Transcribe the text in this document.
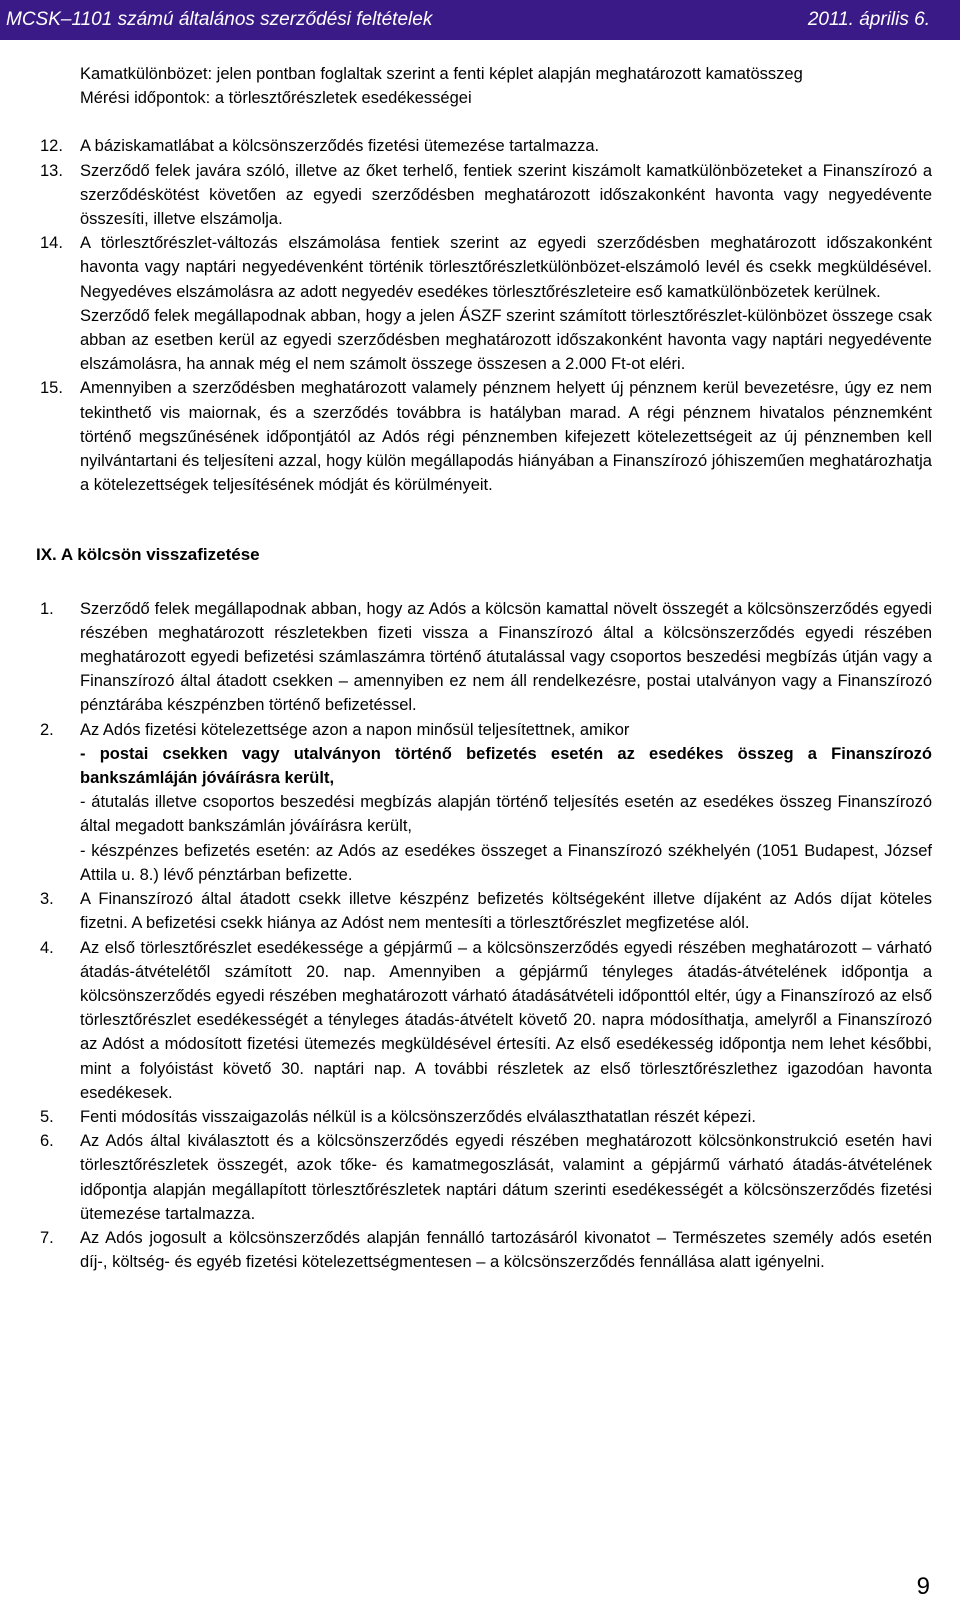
MCSK–1101 számú általános szerződési feltételek	2011. április 6.

Kamatkülönbözet: jelen pontban foglaltak szerint a fenti képlet alapján meghatározott kamatösszeg

Mérési időpontok: a törlesztőrészletek esedékességei

12. A báziskamatlábat a kölcsönszerződés fizetési ütemezése tartalmazza.

13. Szerződő felek javára szóló, illetve az őket terhelő, fentiek szerint kiszámolt kamatkülönbözeteket a Finanszírozó a szerződéskötést követően az egyedi szerződésben meghatározott időszakonként havonta vagy negyedévente összesíti, illetve elszámolja.

14. A törlesztőrészlet-változás elszámolása fentiek szerint az egyedi szerződésben meghatározott időszakonként havonta vagy naptári negyedévenként történik törlesztőrészletkülönbözet-elszámoló levél és csekk megküldésével. Negyedéves elszámolásra az adott negyedév esedékes törlesztőrészleteire eső kamatkülönbözetek kerülnek.

Szerződő felek megállapodnak abban, hogy a jelen ÁSZF szerint számított törlesztőrészlet-különbözet összege csak abban az esetben kerül az egyedi szerződésben meghatározott időszakonként havonta vagy naptári negyedévente elszámolásra, ha annak még el nem számolt összege összesen a 2.000 Ft-ot eléri.

15. Amennyiben a szerződésben meghatározott valamely pénznem helyett új pénznem kerül bevezetésre, úgy ez nem tekinthető vis maiornak, és a szerződés továbbra is hatályban marad. A régi pénznem hivatalos pénznemként történő megszűnésének időpontjától az Adós régi pénznemben kifejezett kötelezettségeit az új pénznemben kell nyilvántartani és teljesíteni azzal, hogy külön megállapodás hiányában a Finanszírozó jóhiszeműen meghatározhatja a kötelezettségek teljesítésének módját és körülményeit.

IX. A kölcsön visszafizetése
1. Szerződő felek megállapodnak abban, hogy az Adós a kölcsön kamattal növelt összegét a kölcsönszerződés egyedi részében meghatározott részletekben fizeti vissza a Finanszírozó által a kölcsönszerződés egyedi részében meghatározott egyedi befizetési számlaszámra történő átutalással vagy csoportos beszedési megbízás útján vagy a Finanszírozó által átadott csekken – amennyiben ez nem áll rendelkezésre, postai utalványon vagy a Finanszírozó pénztárába készpénzben történő befizetéssel.

2. Az Adós fizetési kötelezettsége azon a napon minősül teljesítettnek, amikor

- postai csekken vagy utalványon történő befizetés esetén az esedékes összeg a Finanszírozó bankszámláján jóváírásra került,

- átutalás illetve csoportos beszedési megbízás alapján történő teljesítés esetén az esedékes összeg Finanszírozó által megadott bankszámlán jóváírásra került,

- készpénzes befizetés esetén: az Adós az esedékes összeget a Finanszírozó székhelyén (1051 Budapest, József Attila u. 8.) lévő pénztárban befizette.

3. A Finanszírozó által átadott csekk illetve készpénz befizetés költségeként illetve díjaként az Adós díjat köteles fizetni. A befizetési csekk hiánya az Adóst nem mentesíti a törlesztőrészlet megfizetése alól.

4. Az első törlesztőrészlet esedékessége a gépjármű – a kölcsönszerződés egyedi részében meghatározott – várható átadás-átvételétől számított 20. nap. Amennyiben a gépjármű tényleges átadás-átvételének időpontja a kölcsönszerződés egyedi részében meghatározott várható átadásátvételi időponttól eltér, úgy a Finanszírozó az első törlesztőrészlet esedékességét a tényleges átadás-átvételt követő 20. napra módosíthatja, amelyről a Finanszírozó az Adóst a módosított fizetési ütemezés megküldésével értesíti. Az első esedékesség időpontja nem lehet későbbi, mint a folyóistást követő 30. naptári nap. A további részletek az első törlesztőrészlethez igazodóan havonta esedékesek.

5. Fenti módosítás visszaigazolás nélkül is a kölcsönszerződés elválaszthatatlan részét képezi.

6. Az Adós által kiválasztott és a kölcsönszerződés egyedi részében meghatározott kölcsönkonstrukció esetén havi törlesztőrészletek összegét, azok tőke- és kamatmegoszlását, valamint a gépjármű várható átadás-átvételének időpontja alapján megállapított törlesztőrészletek naptári dátum szerinti esedékességét a kölcsönszerződés fizetési ütemezése tartalmazza.

7. Az Adós jogosult a kölcsönszerződés alapján fennálló tartozásáról kivonatot – Természetes személy adós esetén díj-, költség- és egyéb fizetési kötelezettségmentesen – a kölcsönszerződés fennállása alatt igényelni.

9
